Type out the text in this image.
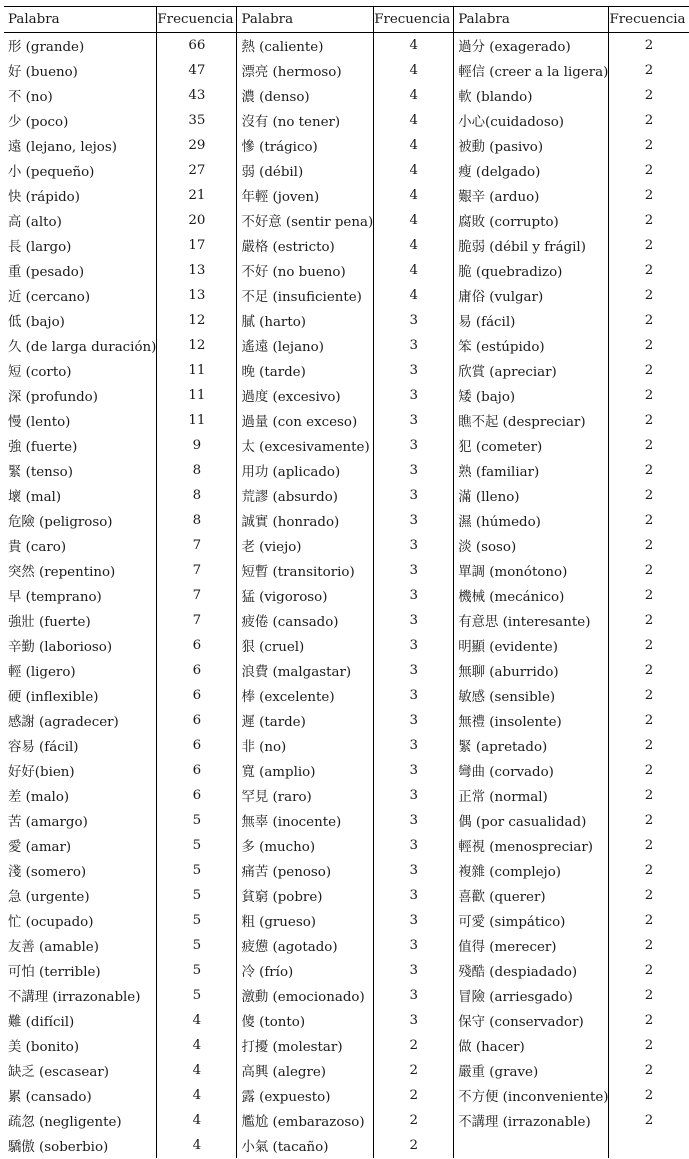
Palabra	Frecuencia	Palabra	Frecuencia	Palabra	Frecuencia
形 (grande)	66	熱 (caliente)	4	過分 (exagerado)	2
好 (bueno)	47	漂亮 (hermoso)	4	輕信 (creer a la ligera)	2
不 (no)	43	濃 (denso)	4	軟 (blando)	2
少 (poco)	35	沒有 (no tener)	4	小心(cuidadoso)	2
遠 (lejano, lejos)	29	慘 (trágico)	4	被動 (pasivo)	2
小 (pequeño)	27	弱 (débil)	4	瘦 (delgado)	2
快 (rápido)	21	年輕 (joven)	4	艱辛 (arduo)	2
高 (alto)	20	不好意 (sentir pena)	4	腐敗 (corrupto)	2
長 (largo)	17	嚴格 (estricto)	4	脆弱 (débil y frágil)	2
重 (pesado)	13	不好 (no bueno)	4	脆 (quebradizo)	2
近 (cercano)	13	不足 (insuficiente)	4	庸俗 (vulgar)	2
低 (bajo)	12	膩 (harto)	3	易 (fácil)	2
久 (de larga duración)	12	遙遠 (lejano)	3	笨 (estúpido)	2
短 (corto)	11	晚 (tarde)	3	欣賞 (apreciar)	2
深 (profundo)	11	過度 (excesivo)	3	矮 (bajo)	2
慢 (lento)	11	過量 (con exceso)	3	瞧不起 (despreciar)	2
強 (fuerte)	9	太 (excesivamente)	3	犯 (cometer)	2
緊 (tenso)	8	用功 (aplicado)	3	熟 (familiar)	2
壞 (mal)	8	荒謬 (absurdo)	3	滿 (lleno)	2
危險 (peligroso)	8	誠實 (honrado)	3	濕 (húmedo)	2
貴 (caro)	7	老 (viejo)	3	淡 (soso)	2
突然 (repentino)	7	短暫 (transitorio)	3	單調 (monótono)	2
早 (temprano)	7	猛 (vigoroso)	3	機械 (mecánico)	2
強壯 (fuerte)	7	疲倦 (cansado)	3	有意思 (interesante)	2
辛勤 (laborioso)	6	狠 (cruel)	3	明顯 (evidente)	2
輕 (ligero)	6	浪費 (malgastar)	3	無聊 (aburrido)	2
硬 (inflexible)	6	棒 (excelente)	3	敏感 (sensible)	2
感謝 (agradecer)	6	遲 (tarde)	3	無禮 (insolente)	2
容易 (fácil)	6	非 (no)	3	緊 (apretado)	2
好好(bien)	6	寬 (amplio)	3	彎曲 (corvado)	2
差 (malo)	6	罕見 (raro)	3	正常 (normal)	2
苦 (amargo)	5	無辜 (inocente)	3	偶 (por casualidad)	2
愛 (amar)	5	多 (mucho)	3	輕視 (menospreciar)	2
淺 (somero)	5	痛苦 (penoso)	3	複雜 (complejo)	2
急 (urgente)	5	貧窮 (pobre)	3	喜歡 (querer)	2
忙 (ocupado)	5	粗 (grueso)	3	可愛 (simpático)	2
友善 (amable)	5	疲憊 (agotado)	3	值得 (merecer)	2
可怕 (terrible)	5	冷 (frío)	3	殘酷 (despiadado)	2
不講理 (irrazonable)	5	激動 (emocionado)	3	冒險 (arriesgado)	2
難 (difícil)	4	傻 (tonto)	3	保守 (conservador)	2
美 (bonito)	4	打擾 (molestar)	2	做 (hacer)	2
缺乏 (escasear)	4	高興 (alegre)	2	嚴重 (grave)	2
累 (cansado)	4	露 (expuesto)	2	不方便 (inconveniente)	2
疏忽 (negligente)	4	尷尬 (embarazoso)	2	不講理 (irrazonable)	2
驕傲 (soberbio)	4	小氣 (tacaño)	2		
